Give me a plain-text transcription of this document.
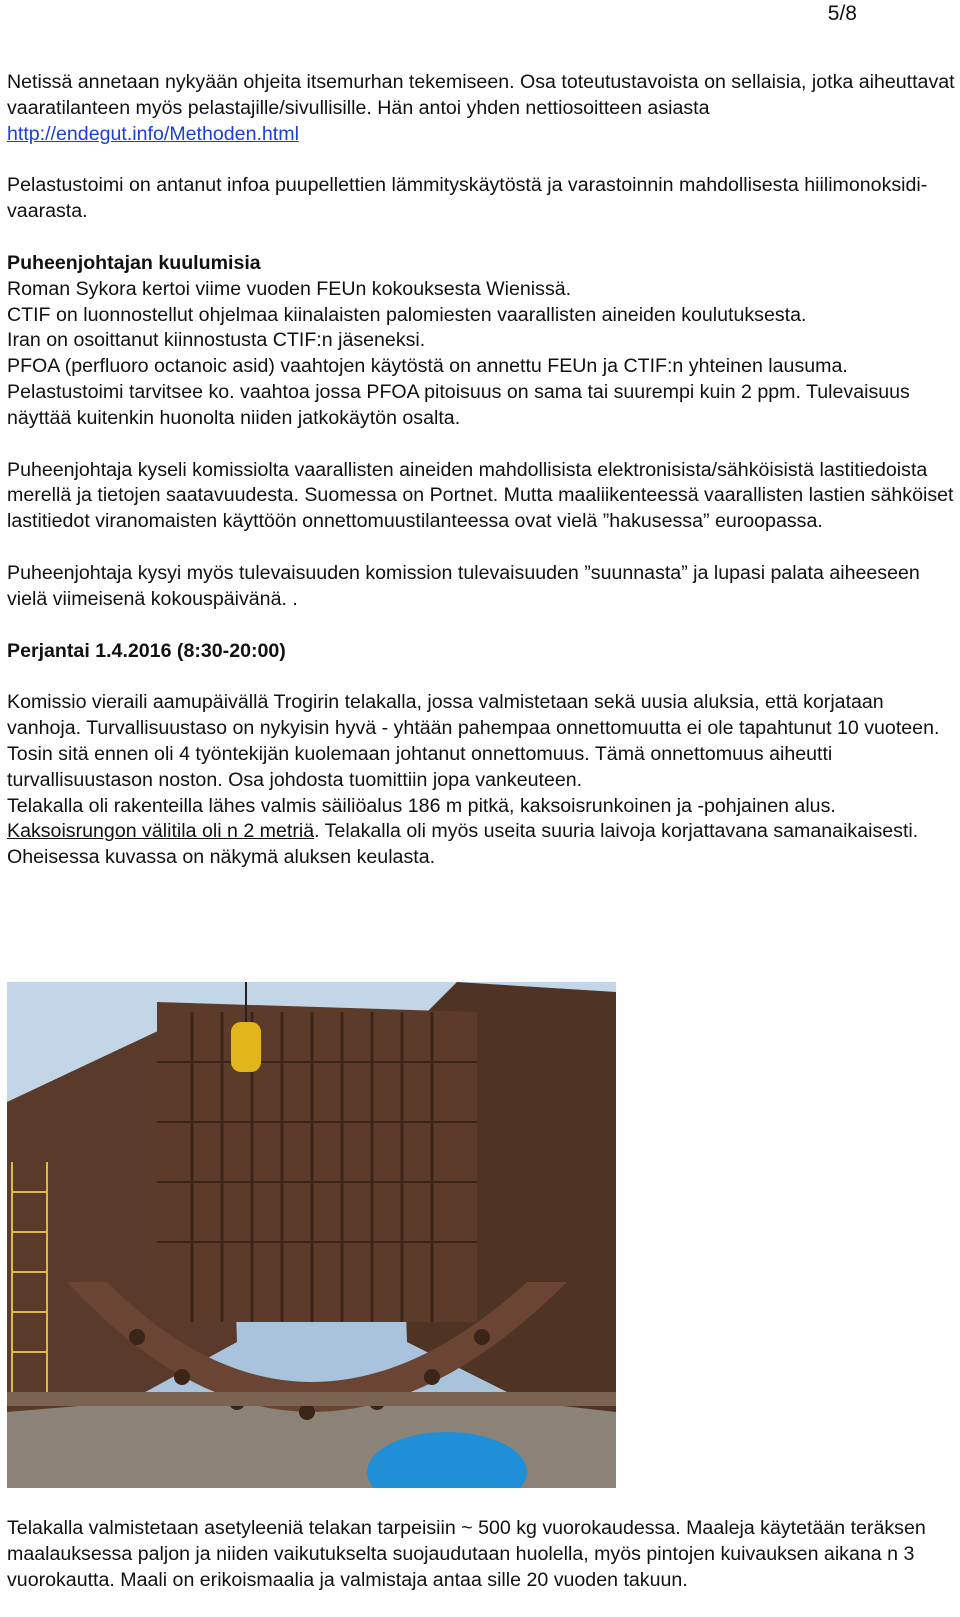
5/8

Netissä annetaan nykyään ohjeita itsemurhan tekemiseen. Osa toteutustavoista on sellaisia, jotka aiheuttavat vaaratilanteen myös pelastajille/sivullisille. Hän antoi yhden nettiosoitteen asiasta http://endegut.info/Methoden.html

Pelastustoimi on antanut infoa puupellettien lämmityskäytöstä ja varastoinnin mahdollisesta hiilimonoksidi-vaarasta.

Puheenjohtajan kuulumisia
Roman Sykora kertoi viime vuoden FEUn kokouksesta Wienissä.
CTIF on luonnostellut ohjelmaa kiinalaisten palomiesten vaarallisten aineiden koulutuksesta.
Iran on osoittanut kiinnostusta CTIF:n jäseneksi.
PFOA (perfluoro octanoic asid) vaahtojen käytöstä on annettu FEUn ja CTIF:n yhteinen lausuma. Pelastustoimi tarvitsee ko. vaahtoa jossa PFOA pitoisuus on sama tai suurempi kuin 2 ppm. Tulevaisuus näyttää kuitenkin huonolta niiden jatkokäytön osalta.

Puheenjohtaja kyseli komissiolta vaarallisten aineiden mahdollisista elektronisista/sähköisistä lastitiedoista merellä ja tietojen saatavuudesta. Suomessa on Portnet. Mutta maaliikenteessä vaarallisten lastien sähköiset lastitiedot viranomaisten käyttöön onnettomuustilanteessa ovat vielä ”hakusessa” euroopassa.

Puheenjohtaja kysyi myös tulevaisuuden komission tulevaisuuden ”suunnasta” ja lupasi palata aiheeseen vielä viimeisenä kokouspäivänä. .

Perjantai 1.4.2016 (8:30-20:00)

Komissio vieraili aamupäivällä Trogirin telakalla, jossa valmistetaan sekä uusia aluksia, että korjataan vanhoja. Turvallisuustaso on nykyisin hyvä - yhtään pahempaa onnettomuutta ei ole tapahtunut 10 vuoteen. Tosin sitä ennen oli 4 työntekijän kuolemaan johtanut onnettomuus. Tämä onnettomuus aiheutti turvallisuustason noston. Osa johdosta tuomittiin jopa vankeuteen.
Telakalla oli rakenteilla lähes valmis säiliöalus 186 m pitkä, kaksoisrunkoinen ja -pohjainen alus. Kaksoisrungon välitila oli n 2 metriä. Telakalla oli myös useita suuria laivoja korjattavana samanaikaisesti. Oheisessa kuvassa on näkymä aluksen keulasta.

Telakalla valmistetaan asetyleeniä telakan tarpeisiin ~ 500 kg vuorokaudessa. Maaleja käytetään teräksen maalauksessa paljon ja niiden vaikutukselta suojaudutaan huolella, myös pintojen kuivauksen aikana n 3 vuorokautta. Maali on erikoismaalia ja valmistaja antaa sille 20 vuoden takuun.
